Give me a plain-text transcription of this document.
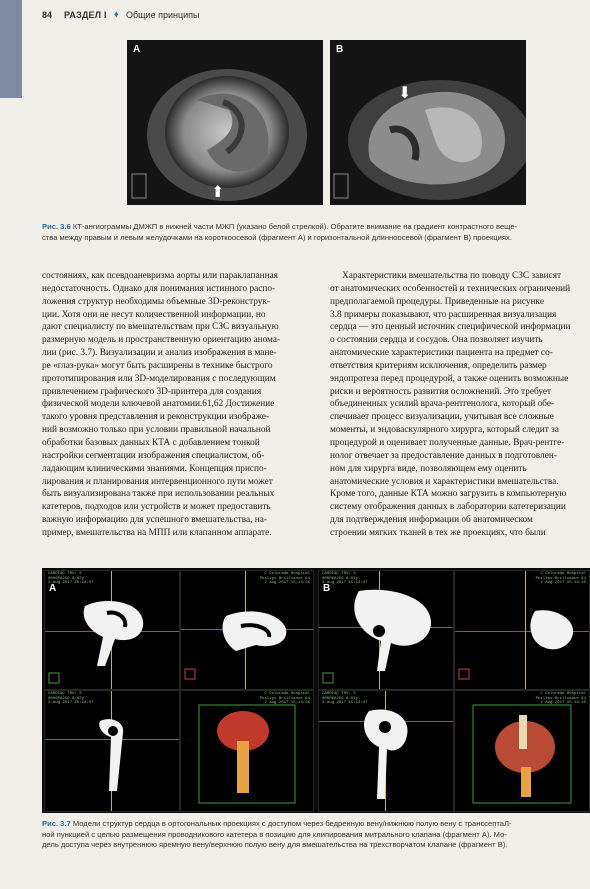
84 РАЗДЕЛ I ♦ Общие принципы
A
⬆
B
⬇
Рис. 3.6 КТ-ангиограммы ДМЖП в нижней части МЖП (указано белой стрелкой). Обратите внимание на градиент контрастного веще-
ства между правым и левым желудочками на короткоосевой (фрагмент А) и горизонтальной длинноосевой (фрагмент В) проекциях.

состояниях, как псевдоаневризма аорты или параклапанная
недостаточность. Однако для понимания истинного распо-
ложения структур необходимы объемные 3D-реконструк-
ции. Хотя они не несут количественной информации, но
дают специалисту по вмешательствам при СЗС визуальную
размерную модель и пространственную ориентацию анома-
лии (рис. 3.7). Визуализации и анализ изображения в мане-
ре «глаз-рука» могут быть расширены в технике быстрого
прототипирования или 3D-моделирования с последующим
привлечением графического 3D-принтера для создания
физической модели ключевой анатомии.61,62 Достижение
такого уровня представления и реконструкции изображе-
ний возможно только при условии правильной начальной
обработки базовых данных КТА с добавлением тонкой
настройки сегментации изображения специалистом, об-
ладающим клиническими знаниями. Концепция приспо-
лирования и планирования интервенционного пути может
быть визуализирована также при использовании реальных
катетеров, подходов или устройств и может предоставить
важную информацию для успешного вмешательства, на-
пример, вмешательства на МПП или клапанном аппарате.

Характеристики вмешательства по поводу СЗС зависят
от анатомических особенностей и технических ограничений
предполагаемой процедуры. Приведенные на рисунке
3.8 примеры показывают, что расширенная визуализация
сердца — это ценный источник специфической информации
о состоянии сердца и сосудов. Она позволяет изучить
анатомические характеристики пациента на предмет со-
ответствия критериям исключения, определить размер
эндопротеза перед процедурой, а также оценить возможные
риски и вероятность развития осложнений. Это требует
объединенных усилий врача-рентгенолога, который обе-
спечивает процесс визуализации, учитывая все сложные
моменты, и эндоваскулярного хирурга, который следит за
процедурой и оценивает полученные данные. Врач-рентге-
нолог отвечает за предоставление данных в подготовлен-
ном для хирурга виде, позволяющем ему оценить
анатомические условия и характеристики вмешательства.
Кроме того, данные КТА можно загрузить в компьютерную
систему отображения данных в лаборатории катетеризации
для подтверждения информации об анатомическом
строении мягких тканей в тех же проекциях, что были

CARDIAC TRV: S
0000EA256 6/82y
2 Aug 2017 15:14:37
A
C Colorado Hospital
Philips Brilliance 64
2 Aug 2017 15:14:25
CARDIAC TRV: S
0000EA256 6/82y
2 Aug 2017 15:14:37
C Colorado Hospital
Philips Brilliance 64
2 Aug 2017 15:14:25
CARDIAC TRV: S
0000EA256 6/82y
2 Aug 2017 15:14:37
B
C Colorado Hospital
Philips Brilliance 64
2 Aug 2017 15:14:25
CARDIAC TRV: S
0000EA256 6/82y
2 Aug 2017 15:14:37
C Colorado Hospital
Philips Brilliance 64
2 Aug 2017 15:14:25
Рис. 3.7 Модели структур сердца в ортогональных проекциях с доступом через бедренную вену/нижнюю полую вену с транссептаЛ-
ной пункцией с целью размещения проводникового катетера в позицию для клипирования митрального клапана (фрагмент А). Мо-
дель доступа через внутреннюю яремную вену/верхнюю полую вену для вмешательства на трехстворчатом клапане (фрагмент В).
